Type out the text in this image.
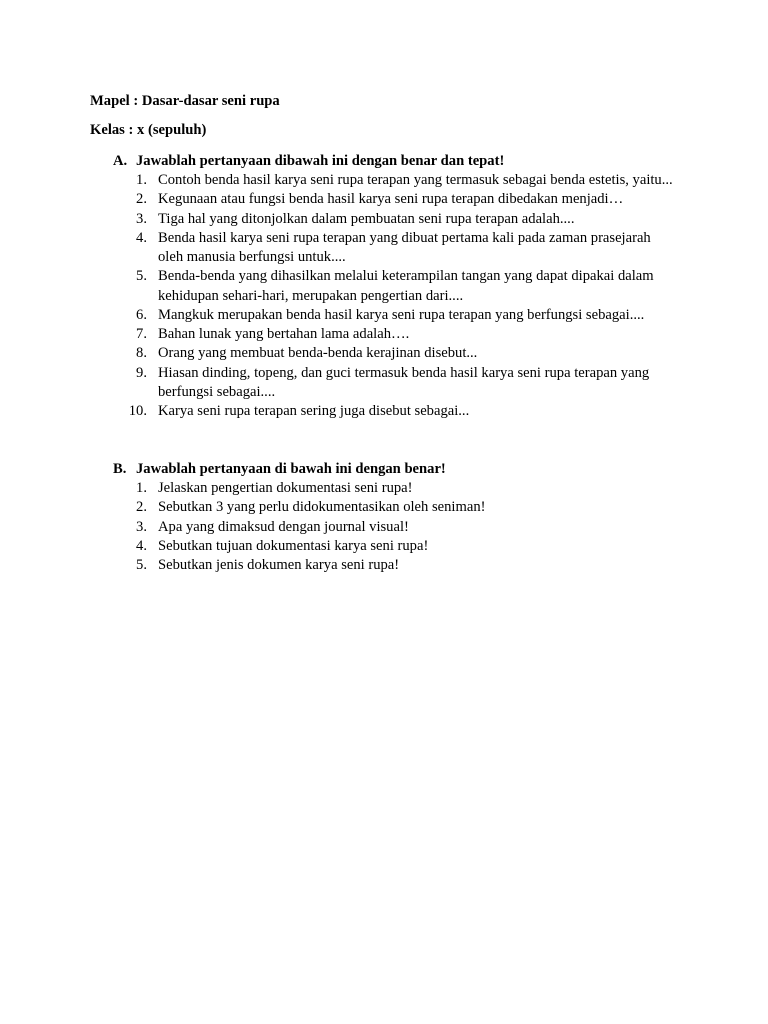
Mapel : Dasar-dasar seni rupa
Kelas : x (sepuluh)
A. Jawablah pertanyaan dibawah ini dengan benar dan tepat!
1. Contoh benda hasil karya seni rupa terapan yang termasuk sebagai benda estetis, yaitu...
2. Kegunaan atau fungsi benda hasil karya seni rupa terapan dibedakan menjadi…
3. Tiga hal yang ditonjolkan dalam pembuatan seni rupa terapan adalah....
4. Benda hasil karya seni rupa terapan yang dibuat pertama kali pada zaman prasejarah oleh manusia berfungsi untuk....
5. Benda-benda yang dihasilkan melalui keterampilan tangan yang dapat dipakai dalam kehidupan sehari-hari, merupakan pengertian dari....
6. Mangkuk merupakan benda hasil karya seni rupa terapan yang berfungsi sebagai....
7. Bahan lunak yang bertahan lama adalah….
8. Orang yang membuat benda-benda kerajinan disebut...
9. Hiasan dinding, topeng, dan guci termasuk benda hasil karya seni rupa terapan yang berfungsi sebagai....
10. Karya seni rupa terapan sering juga disebut sebagai...
B. Jawablah pertanyaan di bawah ini dengan benar!
1. Jelaskan pengertian dokumentasi seni rupa!
2. Sebutkan 3 yang perlu didokumentasikan oleh seniman!
3. Apa yang dimaksud dengan journal visual!
4. Sebutkan tujuan dokumentasi karya seni rupa!
5. Sebutkan jenis dokumen karya seni rupa!
